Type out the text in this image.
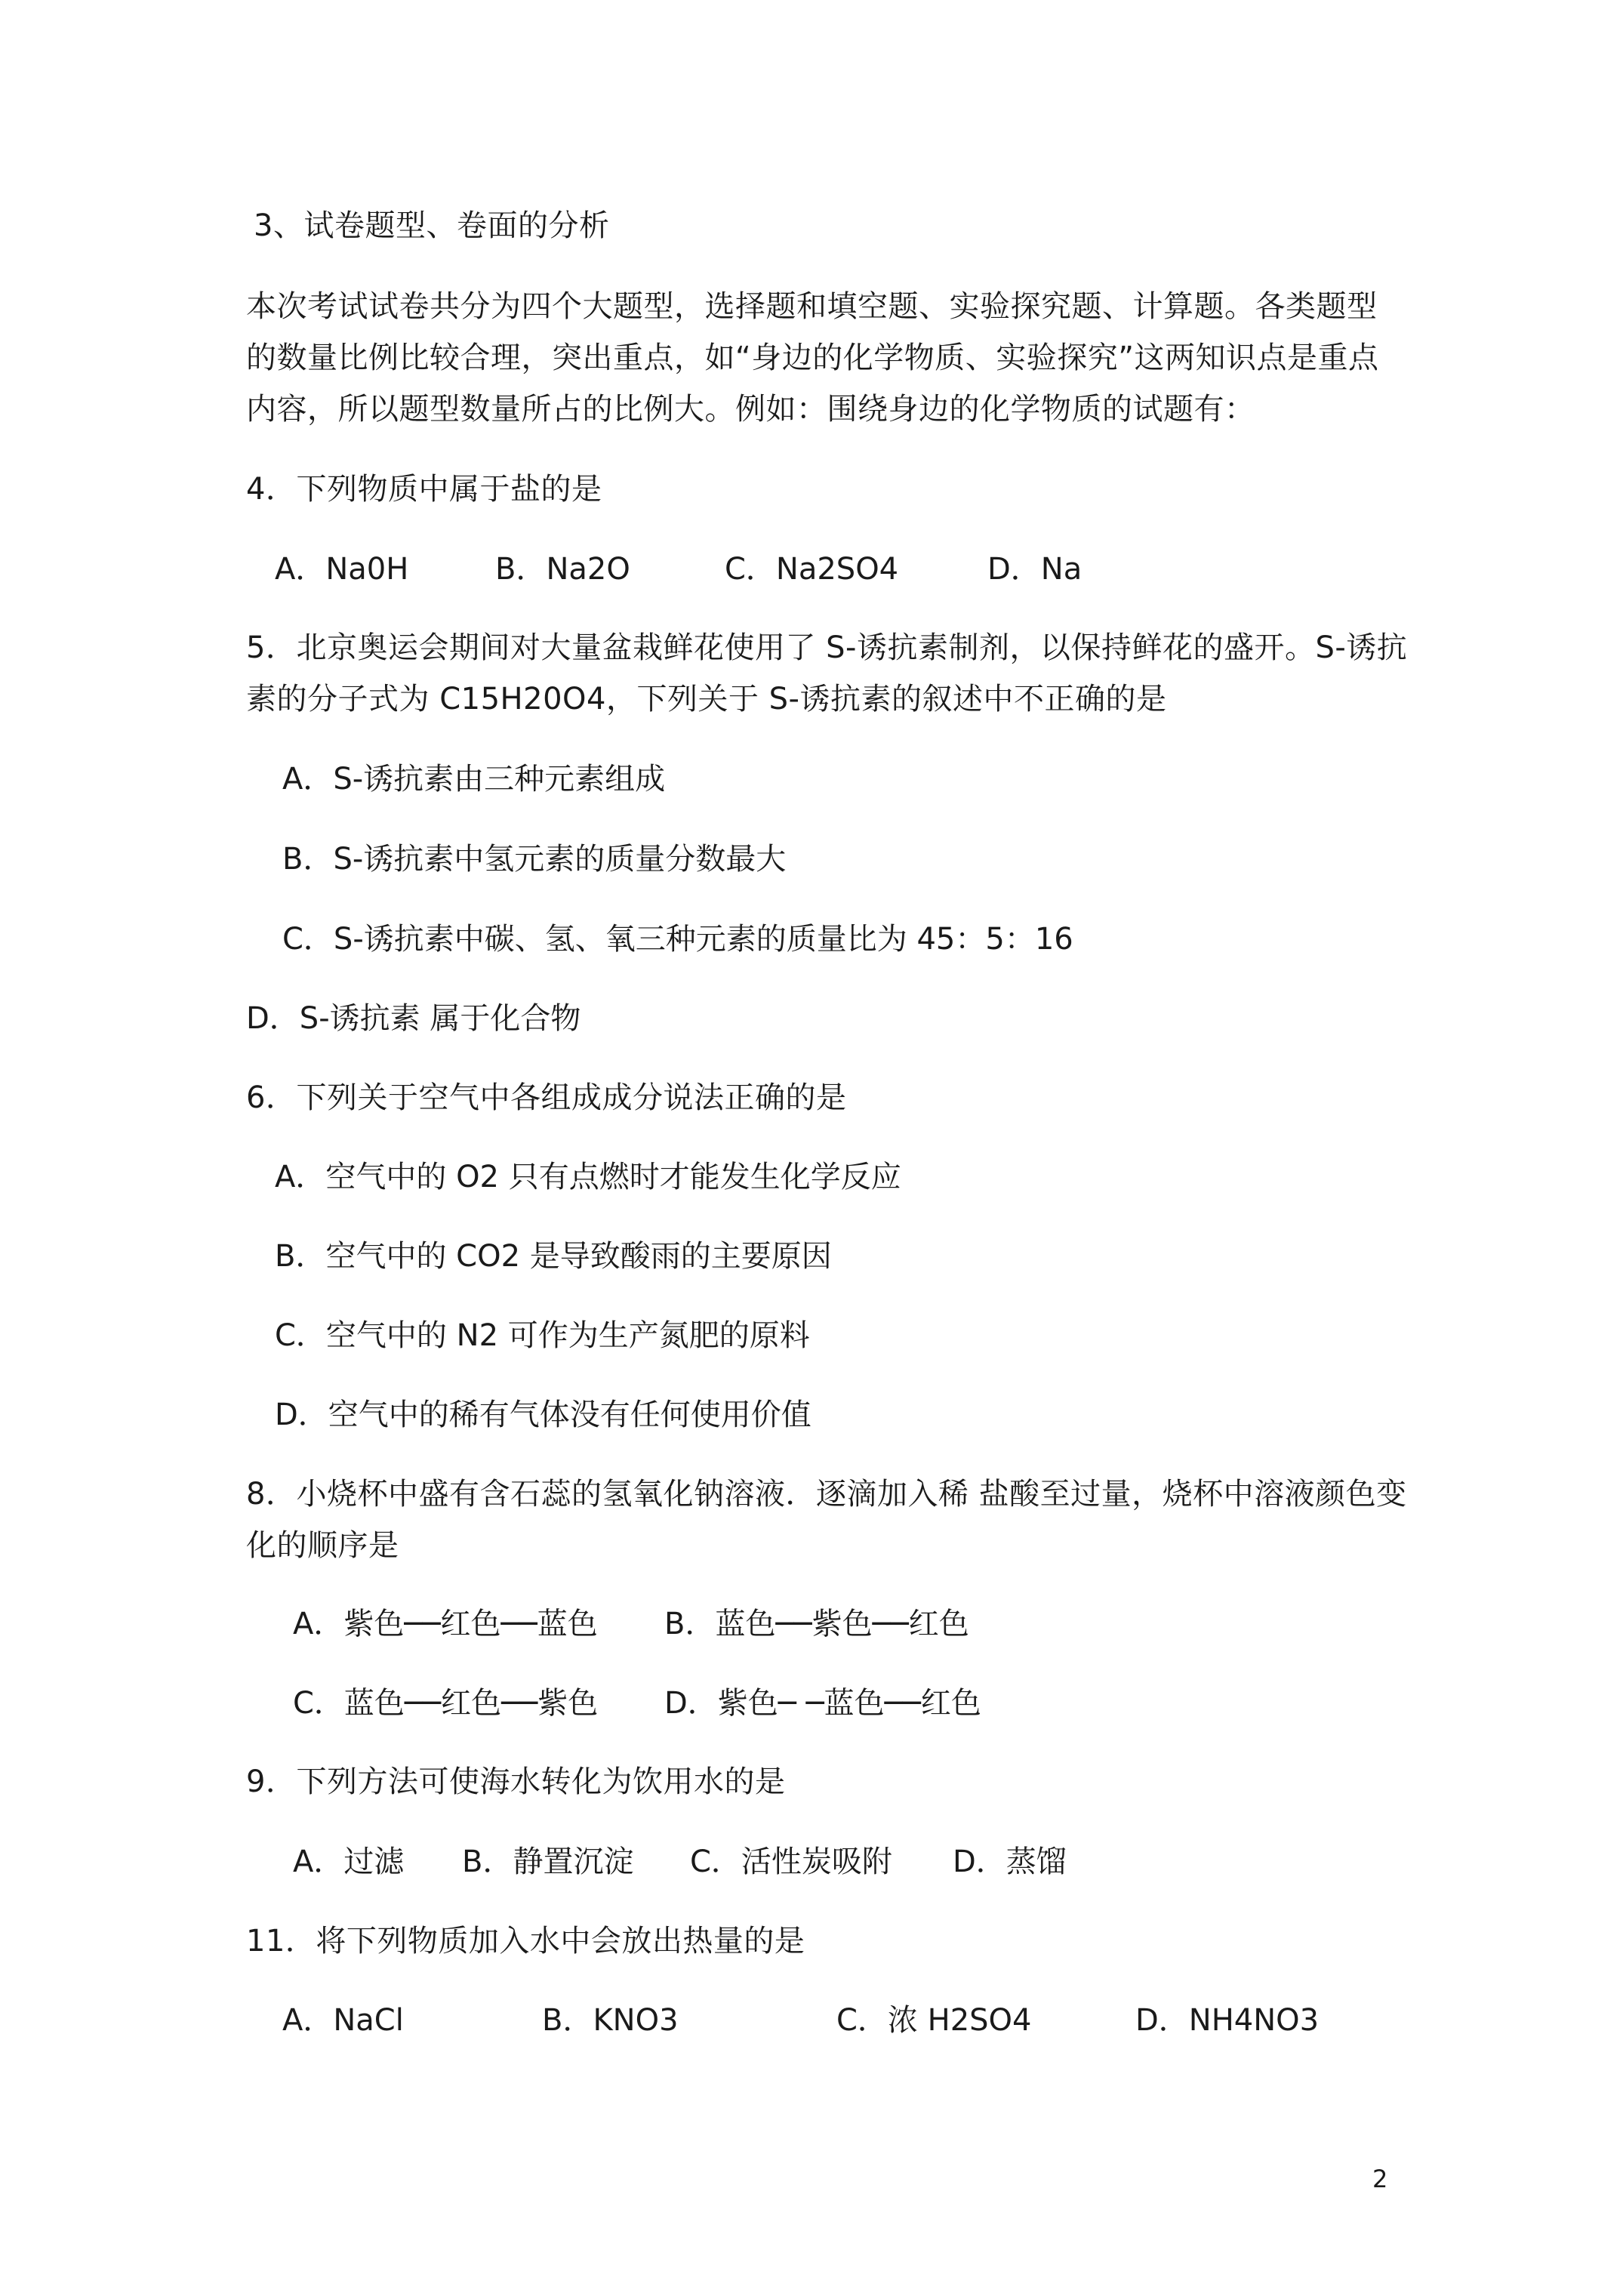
3、试卷题型、卷面的分析
本次考试试卷共分为四个大题型，选择题和填空题、实验探究题、计算题。各类题型
的数量比例比较合理，突出重点，如“身边的化学物质、实验探究”这两知识点是重点
内容，所以题型数量所占的比例大。例如：围绕身边的化学物质的试题有：
4．下列物质中属于盐的是
A．Na0H	B．Na2O	C．Na2SO4	D．Na
5．北京奥运会期间对大量盆栽鲜花使用了 S-诱抗素制剂，以保持鲜花的盛开。S-诱抗
素的分子式为 C15H20O4，下列关于 S-诱抗素的叙述中不正确的是
A．S-诱抗素由三种元素组成
B．S-诱抗素中氢元素的质量分数最大
C．S-诱抗素中碳、氢、氧三种元素的质量比为 45：5：16
D．S-诱抗素 属于化合物
6．下列关于空气中各组成成分说法正确的是
A．空气中的 O2 只有点燃时才能发生化学反应
B．空气中的 CO2 是导致酸雨的主要原因
C．空气中的 N2 可作为生产氮肥的原料
D．空气中的稀有气体没有任何使用价值
8．小烧杯中盛有含石蕊的氢氧化钠溶液．逐滴加入稀 盐酸至过量，烧杯中溶液颜色变
化的顺序是
A．紫色──红色──蓝色 B．蓝色──紫色──红色
C．蓝色──红色──紫色 D．紫色─ ─蓝色──红色
9．下列方法可使海水转化为饮用水的是
A．过滤 B．静置沉淀 C．活性炭吸附 D．蒸馏
11．将下列物质加入水中会放出热量的是
A．NaCl	B．KNO3	C．浓 H2SO4	D．NH4NO3
2
